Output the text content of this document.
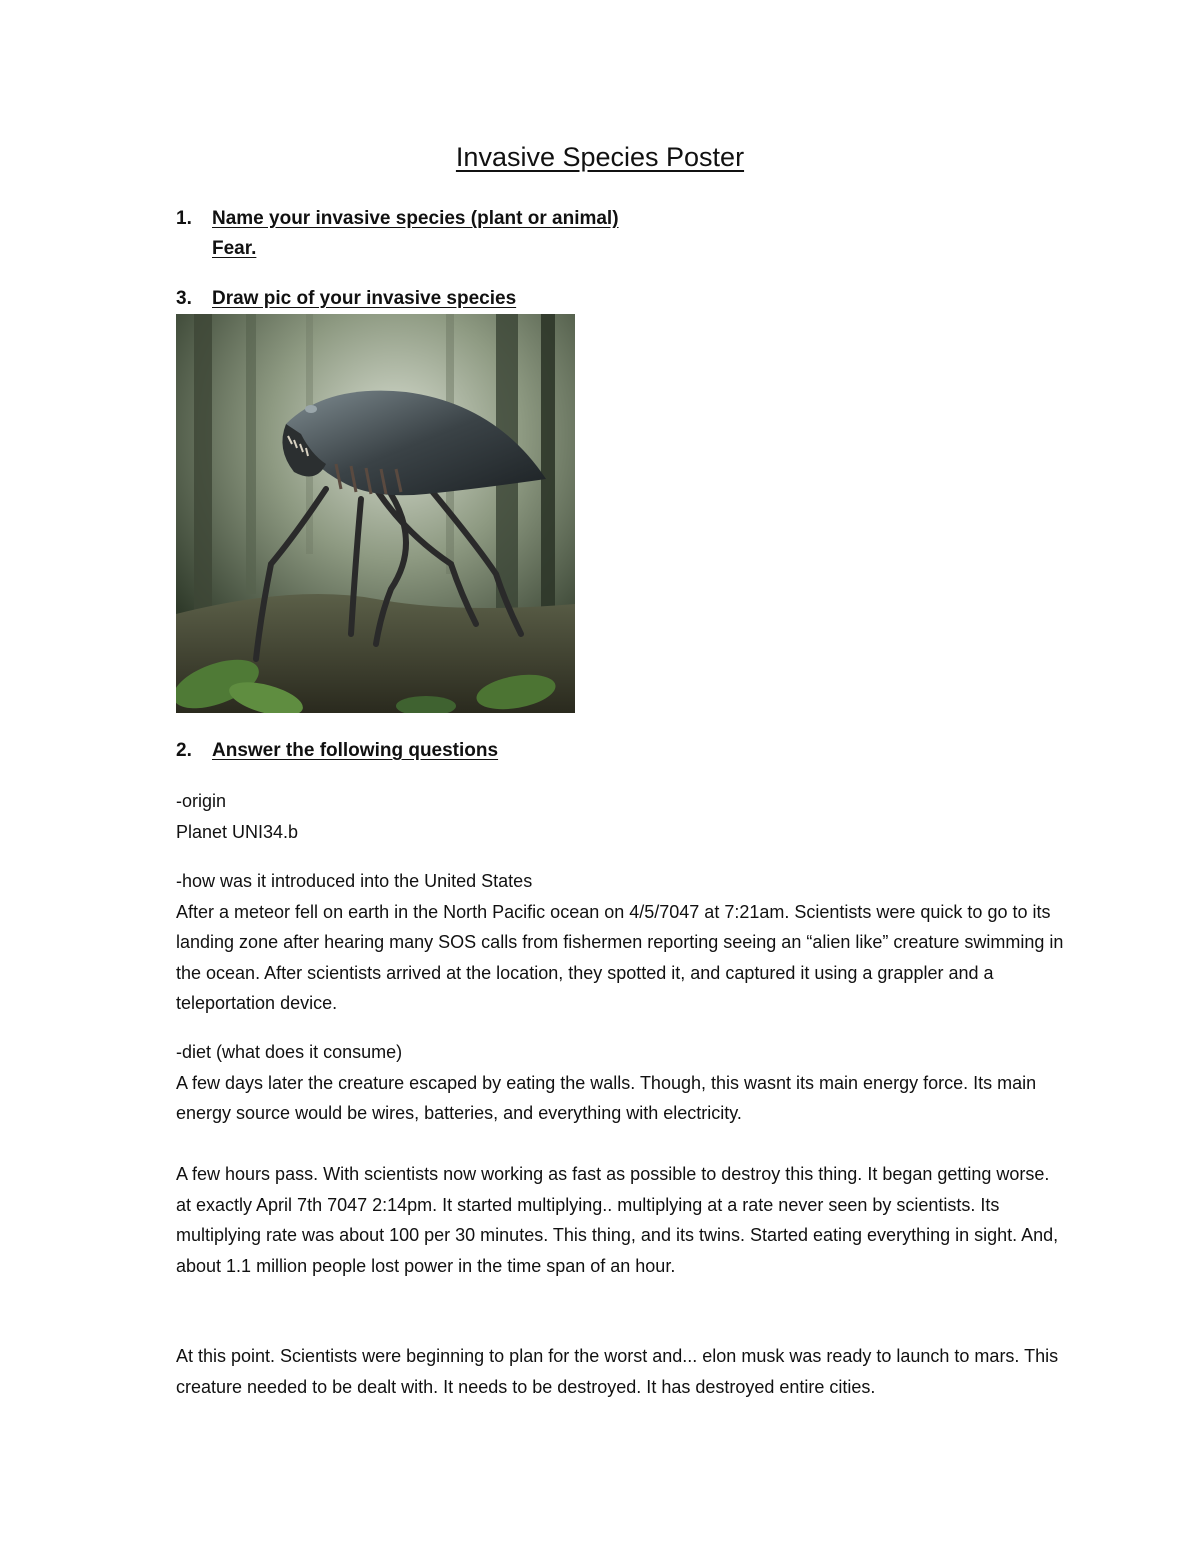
Invasive Species Poster
1. Name your invasive species (plant or animal)
Fear.
3. Draw pic of your invasive species
2. Answer the following questions
-origin
Planet UNI34.b
-how was it introduced into the United States
After a meteor fell on earth in the North Pacific ocean on 4/5/7047 at 7:21am. Scientists were quick to go to its landing zone after hearing many SOS calls from fishermen reporting seeing an “alien like” creature swimming in the ocean. After scientists arrived at the location, they spotted it, and captured it using a grappler and a teleportation device.
-diet (what does it consume)
A few days later the creature escaped by eating the walls. Though, this wasnt its main energy force. Its main energy source would be wires, batteries, and everything with electricity.
A few hours pass. With scientists now working as fast as possible to destroy this thing. It began getting worse. at exactly April 7th 7047 2:14pm. It started multiplying.. multiplying at a rate never seen by scientists. Its multiplying rate was about 100 per 30 minutes. This thing, and its twins. Started eating everything in sight. And, about 1.1 million people lost power in the time span of an hour.
At this point. Scientists were beginning to plan for the worst and... elon musk was ready to launch to mars. This creature needed to be dealt with. It needs to be destroyed. It has destroyed entire cities.
